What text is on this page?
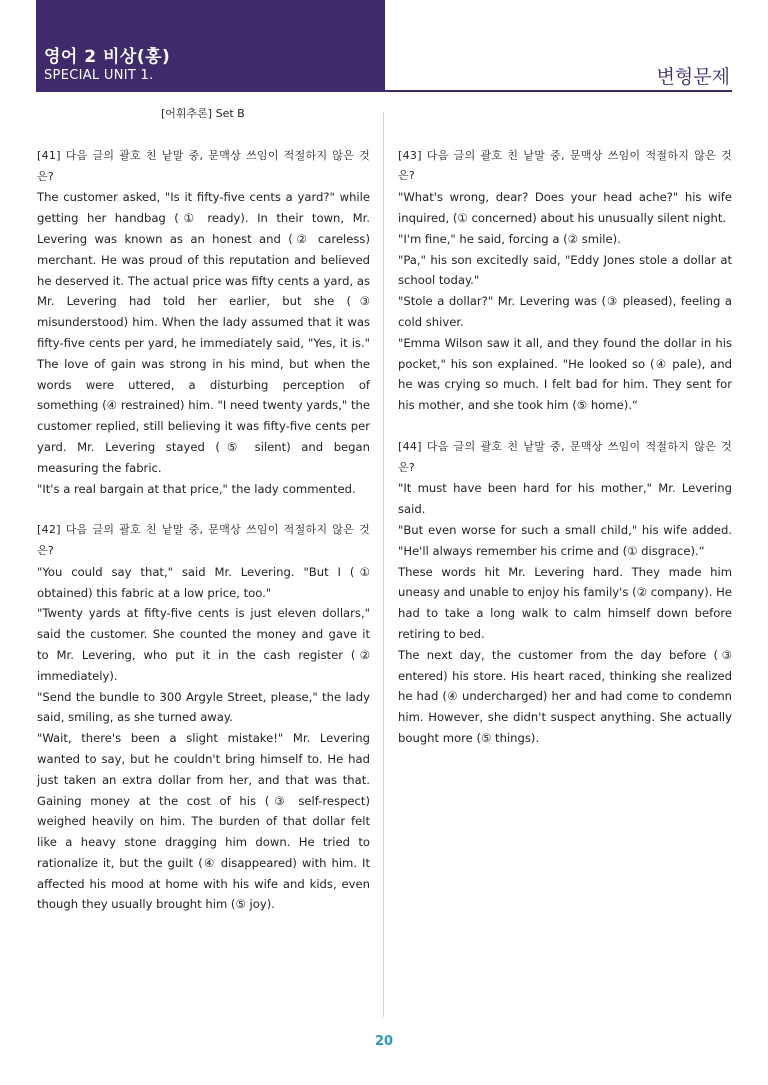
영어 2 비상(홍)
SPECIAL UNIT 1.	변형문제

[어휘추론] Set B

[41] 다음 글의 괄호 친 낱말 중, 문맥상 쓰임이 적절하지 않은 것은?

The customer asked, "Is it fifty-five cents a yard?" while getting her handbag (① ready). In their town, Mr. Levering was known as an honest and (② careless) merchant. He was proud of this reputation and believed he deserved it. The actual price was fifty cents a yard, as Mr. Levering had told her earlier, but she (③ misunderstood) him. When the lady assumed that it was fifty-five cents per yard, he immediately said, "Yes, it is." The love of gain was strong in his mind, but when the words were uttered, a disturbing perception of something (④ restrained) him. "I need twenty yards," the customer replied, still believing it was fifty-five cents per yard. Mr. Levering stayed (⑤ silent) and began measuring the fabric.

"It's a real bargain at that price," the lady commented.

[42] 다음 글의 괄호 친 낱말 중, 문맥상 쓰임이 적절하지 않은 것은?

"You could say that," said Mr. Levering. "But I (① obtained) this fabric at a low price, too."

"Twenty yards at fifty-five cents is just eleven dollars," said the customer. She counted the money and gave it to Mr. Levering, who put it in the cash register (② immediately).

"Send the bundle to 300 Argyle Street, please," the lady said, smiling, as she turned away.

"Wait, there's been a slight mistake!" Mr. Levering wanted to say, but he couldn't bring himself to. He had just taken an extra dollar from her, and that was that. Gaining money at the cost of his (③ self-respect) weighed heavily on him. The burden of that dollar felt like a heavy stone dragging him down. He tried to rationalize it, but the guilt (④ disappeared) with him. It affected his mood at home with his wife and kids, even though they usually brought him (⑤ joy).

[43] 다음 글의 괄호 친 낱말 중, 문맥상 쓰임이 적절하지 않은 것은?

"What's wrong, dear? Does your head ache?" his wife inquired, (① concerned) about his unusually silent night.

"I'm fine," he said, forcing a (② smile).

"Pa," his son excitedly said, "Eddy Jones stole a dollar at school today."

"Stole a dollar?" Mr. Levering was (③ pleased), feeling a cold shiver.

"Emma Wilson saw it all, and they found the dollar in his pocket," his son explained. "He looked so (④ pale), and he was crying so much. I felt bad for him. They sent for his mother, and she took him (⑤ home).“

[44] 다음 글의 괄호 친 낱말 중, 문맥상 쓰임이 적절하지 않은 것은?

"It must have been hard for his mother," Mr. Levering said.

"But even worse for such a small child," his wife added. "He'll always remember his crime and (① disgrace).“

These words hit Mr. Levering hard. They made him uneasy and unable to enjoy his family's (② company). He had to take a long walk to calm himself down before retiring to bed.

The next day, the customer from the day before (③ entered) his store. His heart raced, thinking she realized he had (④ undercharged) her and had come to condemn him. However, she didn't suspect anything. She actually bought more (⑤ things).

20
